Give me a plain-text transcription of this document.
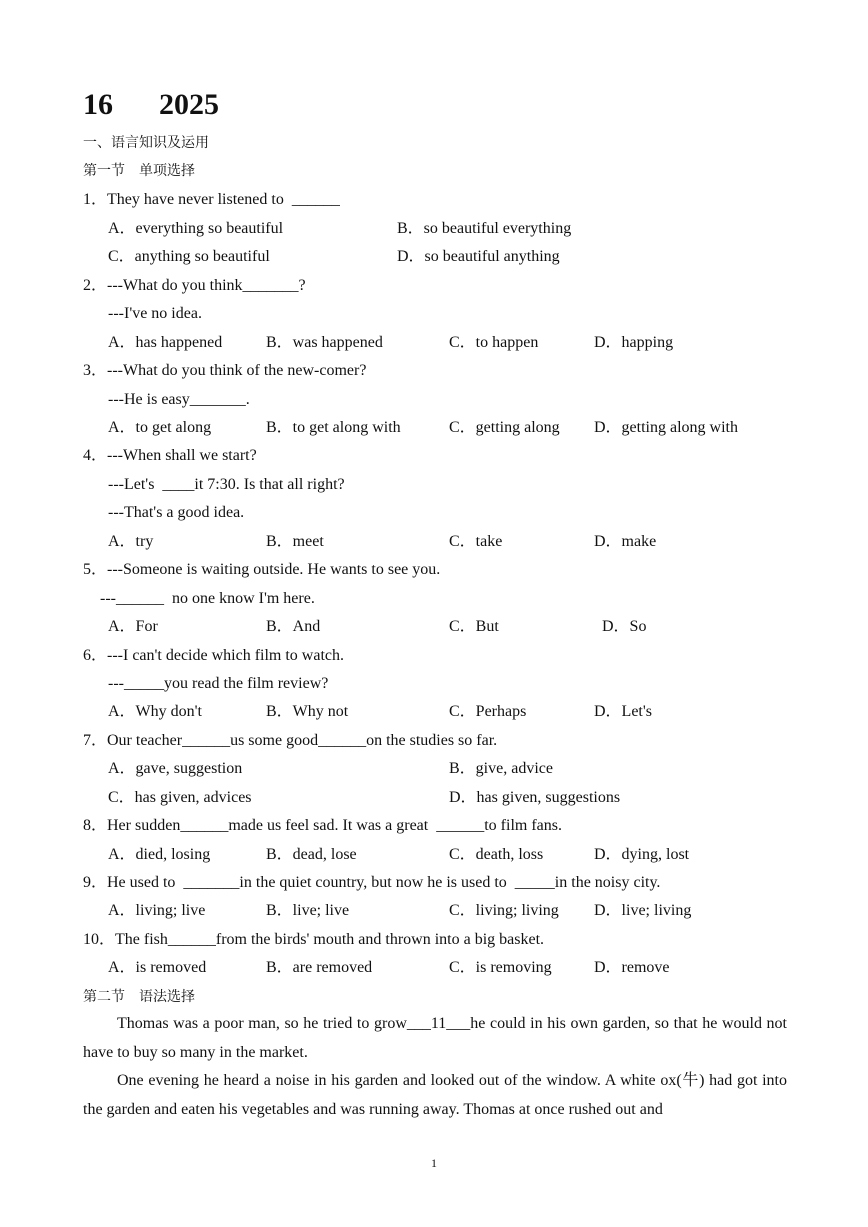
16 2025
一、语言知识及运用
第一节　单项选择
1．They have never listened to  ______
A．everything so beautiful	B．so beautiful everything
C．anything so beautiful	D．so beautiful anything
2．---What do you think_______?
---I've no idea.
A．has happened	B．was happened	C．to happen	D．happing
3．---What do you think of the new-comer?
---He is easy_______.
A．to get along	B．to get along with	C．getting along D．getting along with
4．---When shall we start?
---Let's  ____it 7:30. Is that all right?
---That's a good idea.
A．try	B．meet	C．take	D．make
5．---Someone is waiting outside. He wants to see you.
---______  no one know I'm here.
A．For	B．And	C．But	D．So
6．---I can't decide which film to watch.
---_____you read the film review?
A．Why don't	B．Why not	C．Perhaps	D．Let's
7．Our teacher______us some good______on the studies so far.
A．gave, suggestion	B．give, advice
C．has given, advices	D．has given, suggestions
8．Her sudden______made us feel sad. It was a great  ______to film fans.
A．died, losing	B．dead, lose	C．death, loss	D．dying, lost
9．He used to  _______in the quiet country, but now he is used to  _____in the noisy city.
A．living; live	B．live; live	C．living; living D．live; living
10．The fish______from the birds' mouth and thrown into a big basket.
A．is removed	B．are removed	C．is removing	D．remove
第二节　语法选择
Thomas was a poor man, so he tried to grow___11___he could in his own garden, so that he would not have to buy so many in the market.
One evening he heard a noise in his garden and looked out of the window. A white ox(牛) had got into the garden and eaten his vegetables and was running away. Thomas at once rushed out and
1
